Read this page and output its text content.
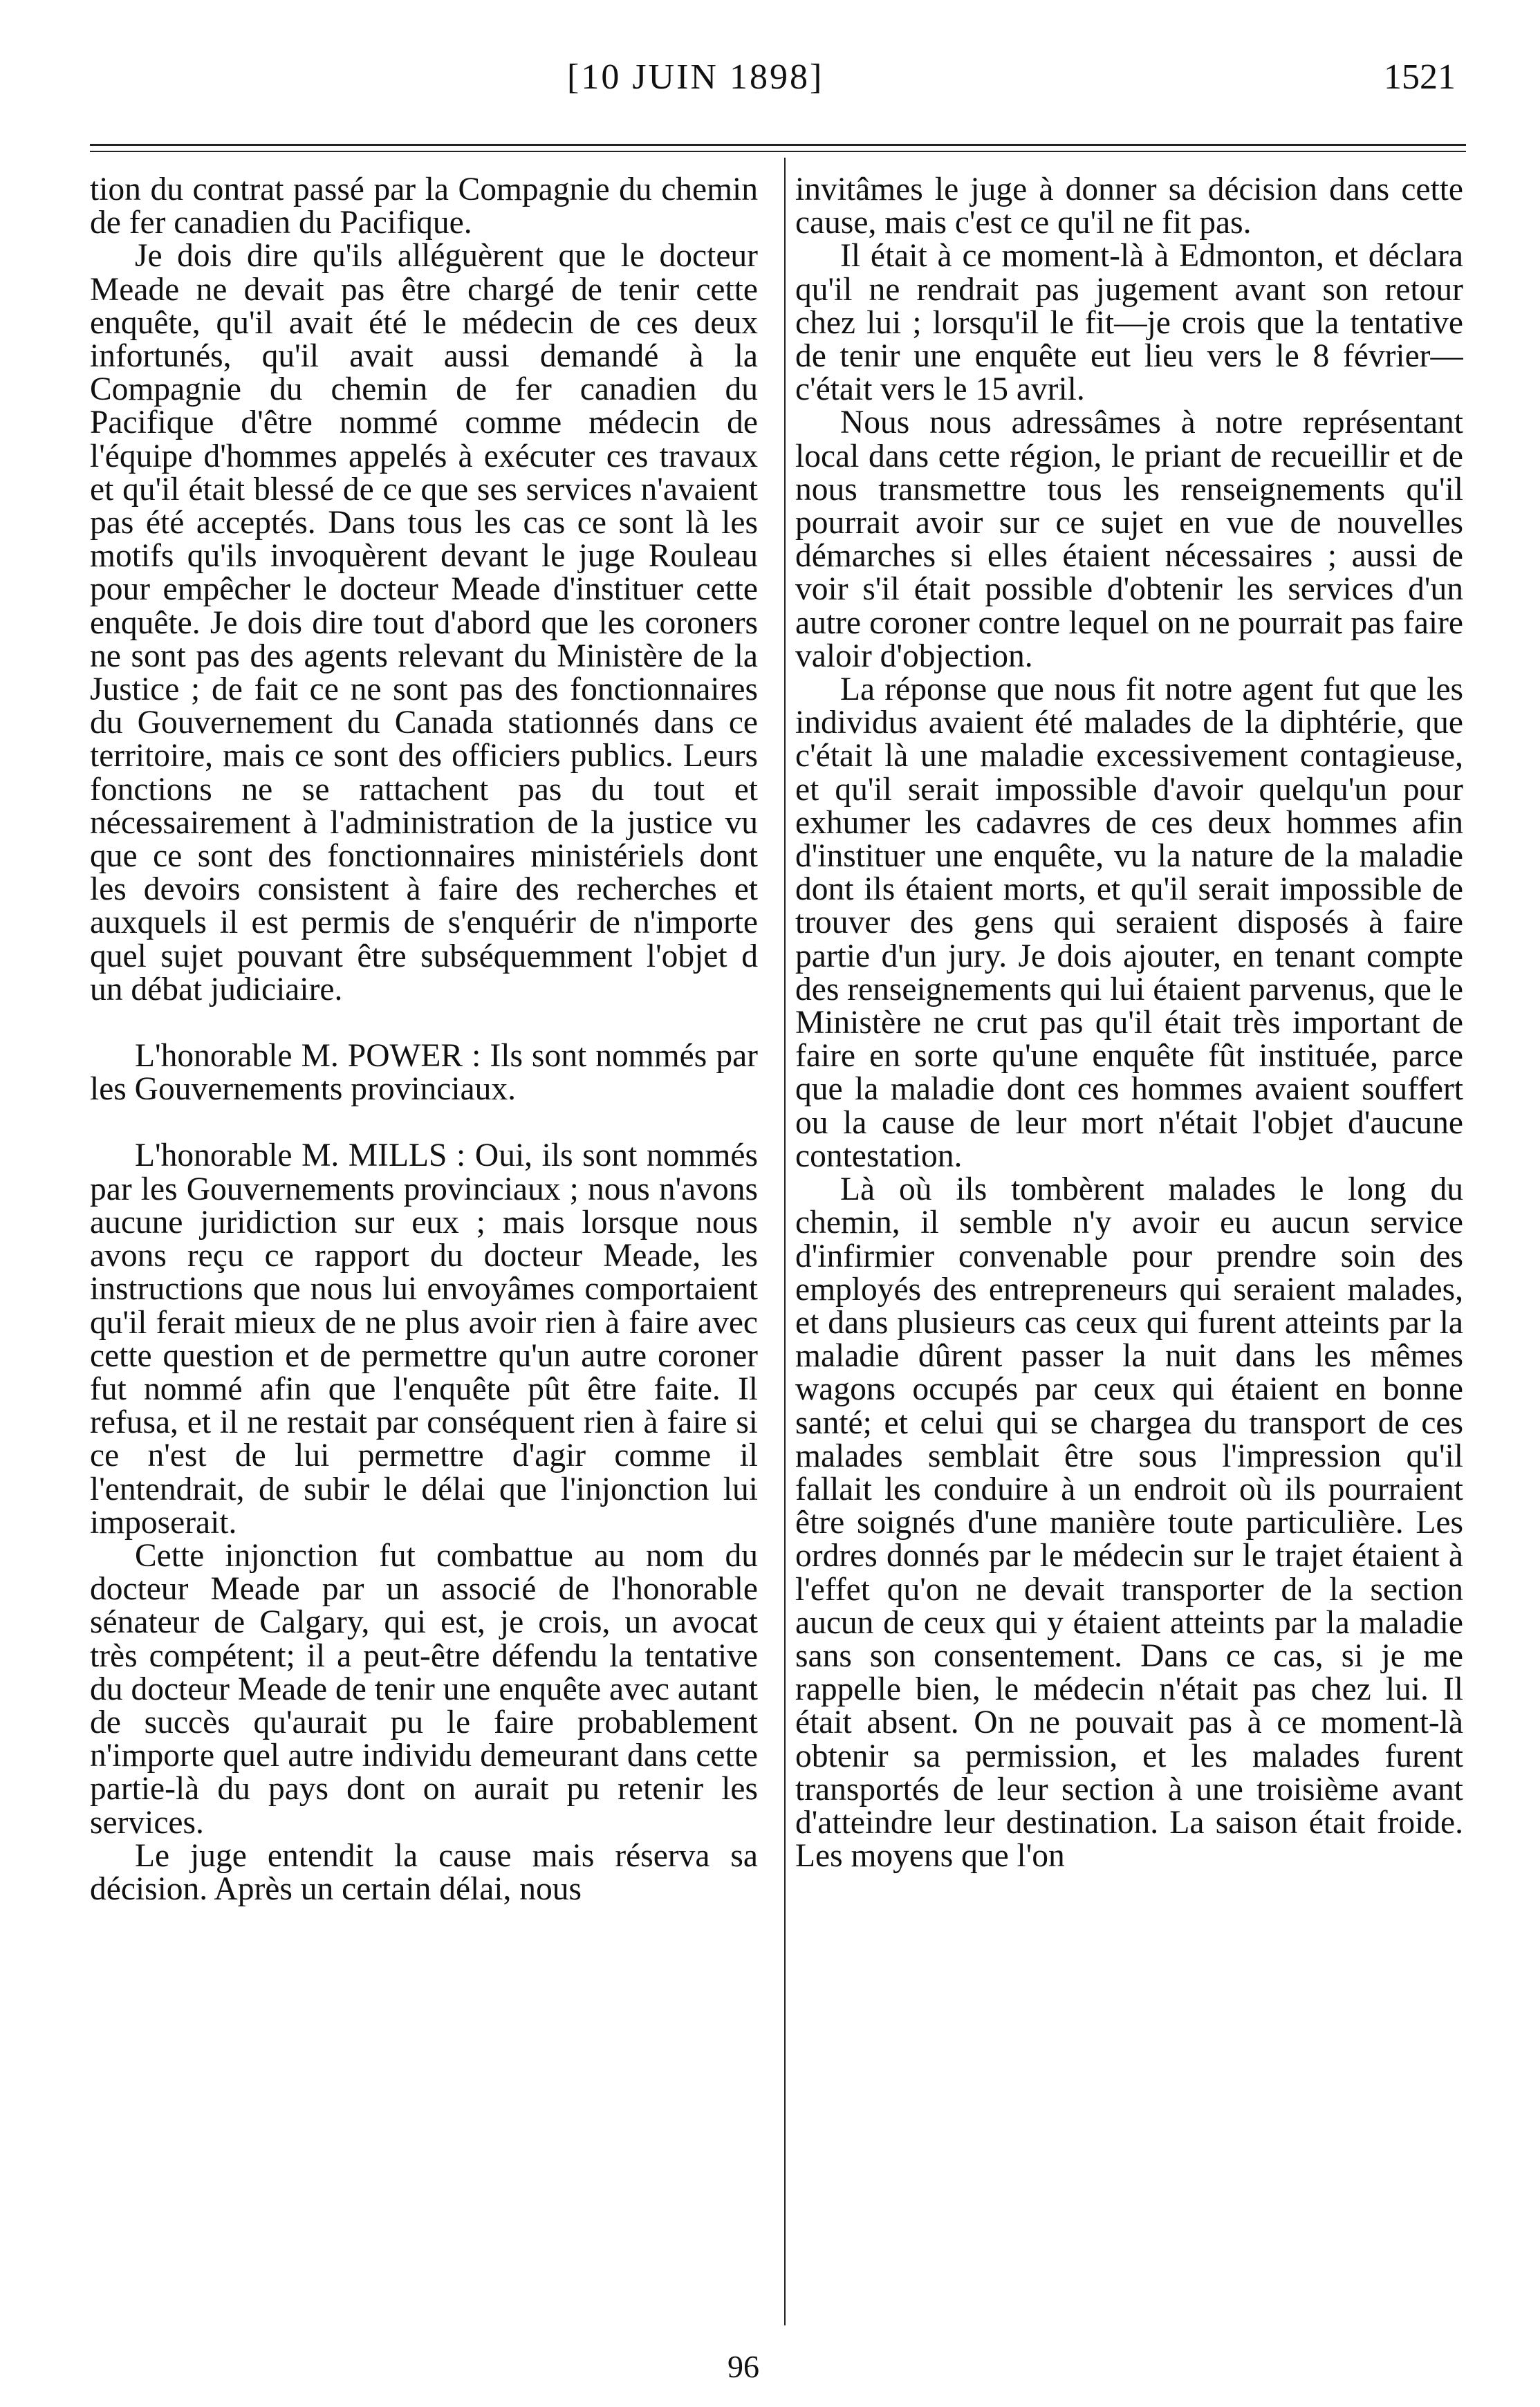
[10 JUIN 1898]	1521

tion du contrat passé par la Compagnie du chemin de fer canadien du Pacifique.

Je dois dire qu'ils alléguèrent que le docteur Meade ne devait pas être chargé de tenir cette enquête, qu'il avait été le médecin de ces deux infortunés, qu'il avait aussi demandé à la Compagnie du chemin de fer canadien du Pacifique d'être nommé comme médecin de l'équipe d'hommes appelés à exécuter ces travaux et qu'il était blessé de ce que ses services n'avaient pas été acceptés. Dans tous les cas ce sont là les motifs qu'ils invoquèrent devant le juge Rouleau pour empêcher le docteur Meade d'instituer cette enquête. Je dois dire tout d'abord que les coroners ne sont pas des agents relevant du Ministère de la Justice ; de fait ce ne sont pas des fonctionnaires du Gouvernement du Canada stationnés dans ce territoire, mais ce sont des officiers publics. Leurs fonctions ne se rattachent pas du tout et nécessairement à l'administration de la justice vu que ce sont des fonctionnaires ministériels dont les devoirs consistent à faire des recherches et auxquels il est permis de s'enquérir de n'importe quel sujet pouvant être subséquemment l'objet d un débat judiciaire.

L'honorable M. POWER : Ils sont nommés par les Gouvernements provinciaux.

L'honorable M. MILLS : Oui, ils sont nommés par les Gouvernements provinciaux ; nous n'avons aucune juridiction sur eux ; mais lorsque nous avons reçu ce rapport du docteur Meade, les instructions que nous lui envoyâmes comportaient qu'il ferait mieux de ne plus avoir rien à faire avec cette question et de permettre qu'un autre coroner fut nommé afin que l'enquête pût être faite. Il refusa, et il ne restait par conséquent rien à faire si ce n'est de lui permettre d'agir comme il l'entendrait, de subir le délai que l'injonction lui imposerait.

Cette injonction fut combattue au nom du docteur Meade par un associé de l'honorable sénateur de Calgary, qui est, je crois, un avocat très compétent; il a peut-être défendu la tentative du docteur Meade de tenir une enquête avec autant de succès qu'aurait pu le faire probablement n'importe quel autre individu demeurant dans cette partie-là du pays dont on aurait pu retenir les services.

Le juge entendit la cause mais réserva sa décision. Après un certain délai, nous

invitâmes le juge à donner sa décision dans cette cause, mais c'est ce qu'il ne fit pas.

Il était à ce moment-là à Edmonton, et déclara qu'il ne rendrait pas jugement avant son retour chez lui ; lorsqu'il le fit—je crois que la tentative de tenir une enquête eut lieu vers le 8 février—c'était vers le 15 avril.

Nous nous adressâmes à notre représentant local dans cette région, le priant de recueillir et de nous transmettre tous les renseignements qu'il pourrait avoir sur ce sujet en vue de nouvelles démarches si elles étaient nécessaires ; aussi de voir s'il était possible d'obtenir les services d'un autre coroner contre lequel on ne pourrait pas faire valoir d'objection.

La réponse que nous fit notre agent fut que les individus avaient été malades de la diphtérie, que c'était là une maladie excessivement contagieuse, et qu'il serait impossible d'avoir quelqu'un pour exhumer les cadavres de ces deux hommes afin d'instituer une enquête, vu la nature de la maladie dont ils étaient morts, et qu'il serait impossible de trouver des gens qui seraient disposés à faire partie d'un jury. Je dois ajouter, en tenant compte des renseignements qui lui étaient parvenus, que le Ministère ne crut pas qu'il était très important de faire en sorte qu'une enquête fût instituée, parce que la maladie dont ces hommes avaient souffert ou la cause de leur mort n'était l'objet d'aucune contestation.

Là où ils tombèrent malades le long du chemin, il semble n'y avoir eu aucun service d'infirmier convenable pour prendre soin des employés des entrepreneurs qui seraient malades, et dans plusieurs cas ceux qui furent atteints par la maladie dûrent passer la nuit dans les mêmes wagons occupés par ceux qui étaient en bonne santé; et celui qui se chargea du transport de ces malades semblait être sous l'impression qu'il fallait les conduire à un endroit où ils pourraient être soignés d'une manière toute particulière. Les ordres donnés par le médecin sur le trajet étaient à l'effet qu'on ne devait transporter de la section aucun de ceux qui y étaient atteints par la maladie sans son consentement. Dans ce cas, si je me rappelle bien, le médecin n'était pas chez lui. Il était absent. On ne pouvait pas à ce moment-là obtenir sa permission, et les malades furent transportés de leur section à une troisième avant d'atteindre leur destination. La saison était froide. Les moyens que l'on

96
